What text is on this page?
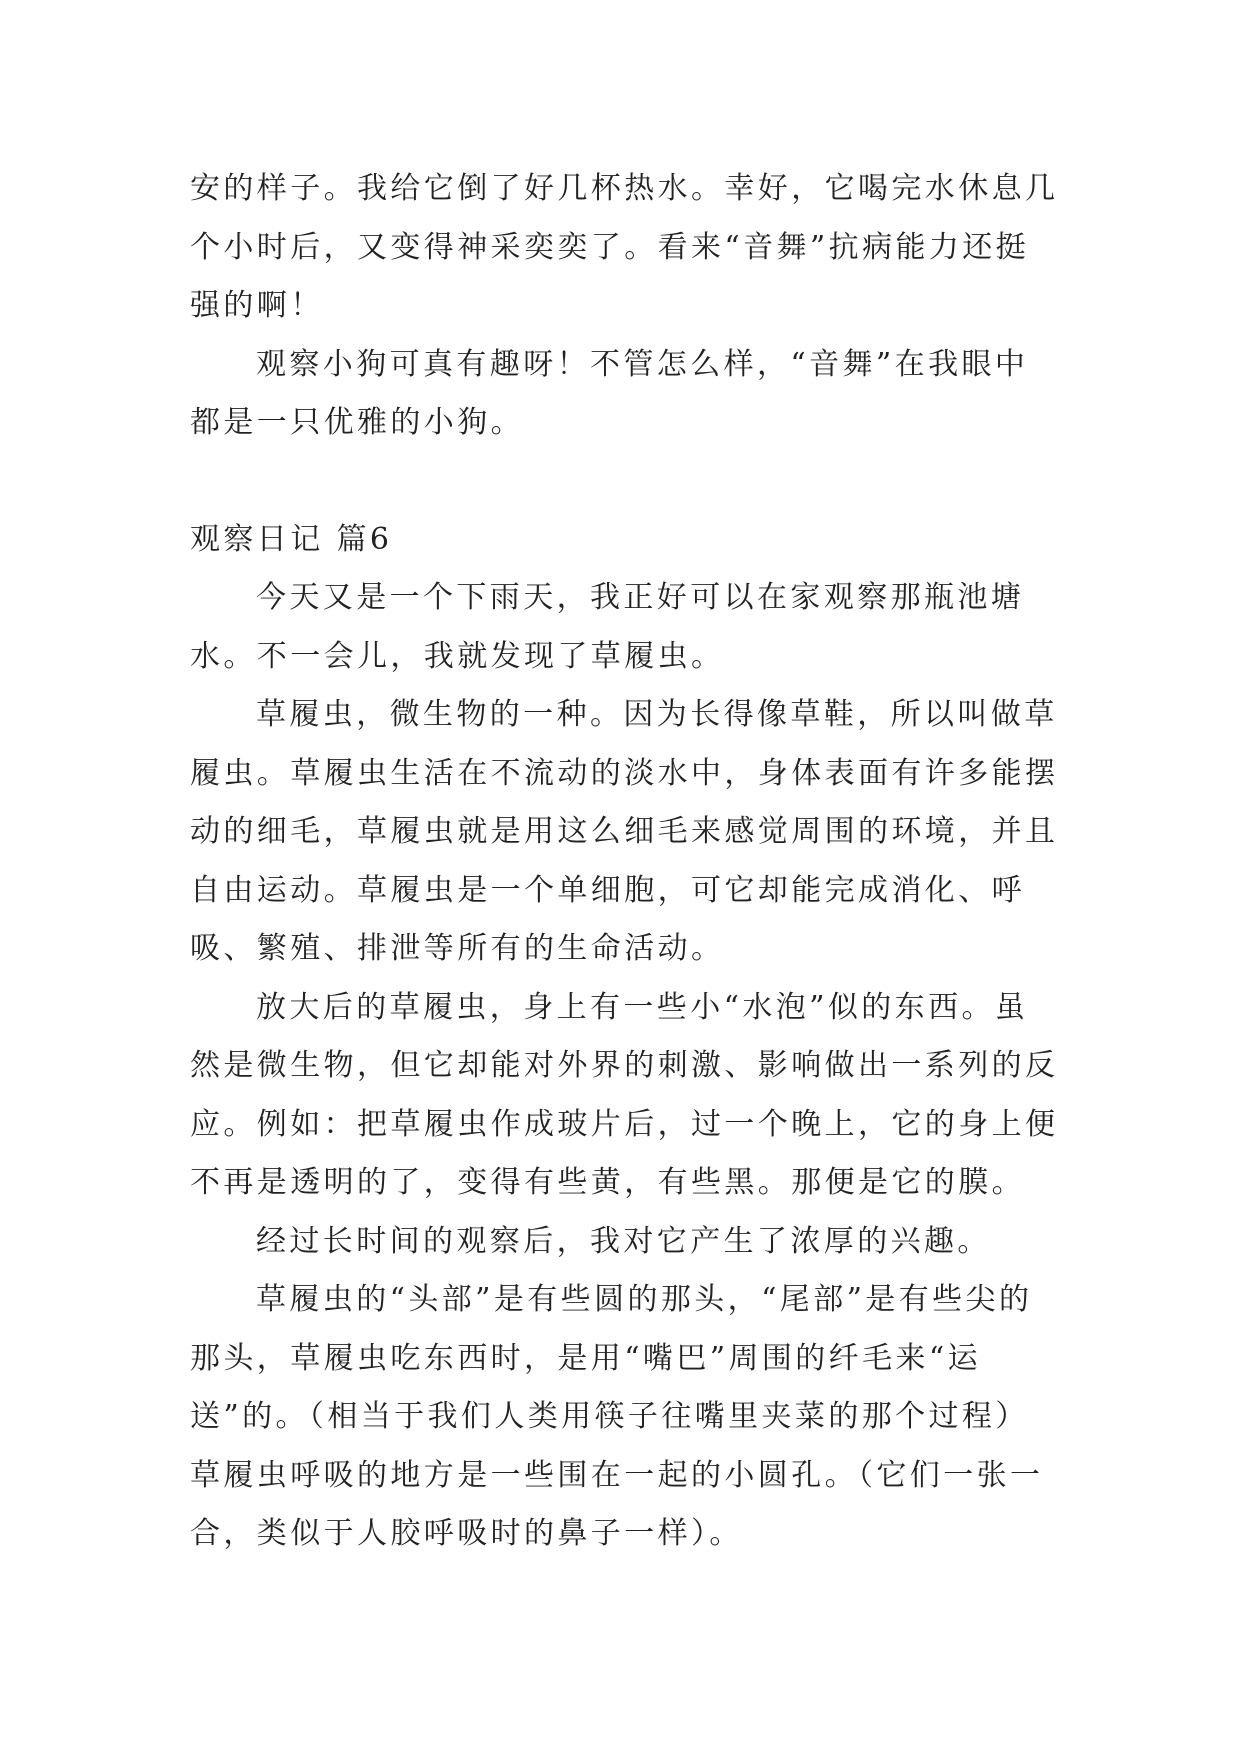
安的样子。我给它倒了好几杯热水。幸好，它喝完水休息几个小时后，又变得神采奕奕了。看来“音舞”抗病能力还挺强的啊！

观察小狗可真有趣呀！不管怎么样，“音舞”在我眼中都是一只优雅的小狗。

观察日记 篇6

今天又是一个下雨天，我正好可以在家观察那瓶池塘水。不一会儿，我就发现了草履虫。

草履虫，微生物的一种。因为长得像草鞋，所以叫做草履虫。草履虫生活在不流动的淡水中，身体表面有许多能摆动的细毛，草履虫就是用这么细毛来感觉周围的环境，并且自由运动。草履虫是一个单细胞，可它却能完成消化、呼吸、繁殖、排泄等所有的生命活动。

放大后的草履虫，身上有一些小“水泡”似的东西。虽然是微生物，但它却能对外界的刺激、影响做出一系列的反应。例如：把草履虫作成玻片后，过一个晚上，它的身上便不再是透明的了，变得有些黄，有些黑。那便是它的膜。

经过长时间的观察后，我对它产生了浓厚的兴趣。

草履虫的“头部”是有些圆的那头，“尾部”是有些尖的那头，草履虫吃东西时，是用“嘴巴”周围的纤毛来“运送”的。（相当于我们人类用筷子往嘴里夹菜的那个过程）草履虫呼吸的地方是一些围在一起的小圆孔。（它们一张一合，类似于人胶呼吸时的鼻子一样）。
